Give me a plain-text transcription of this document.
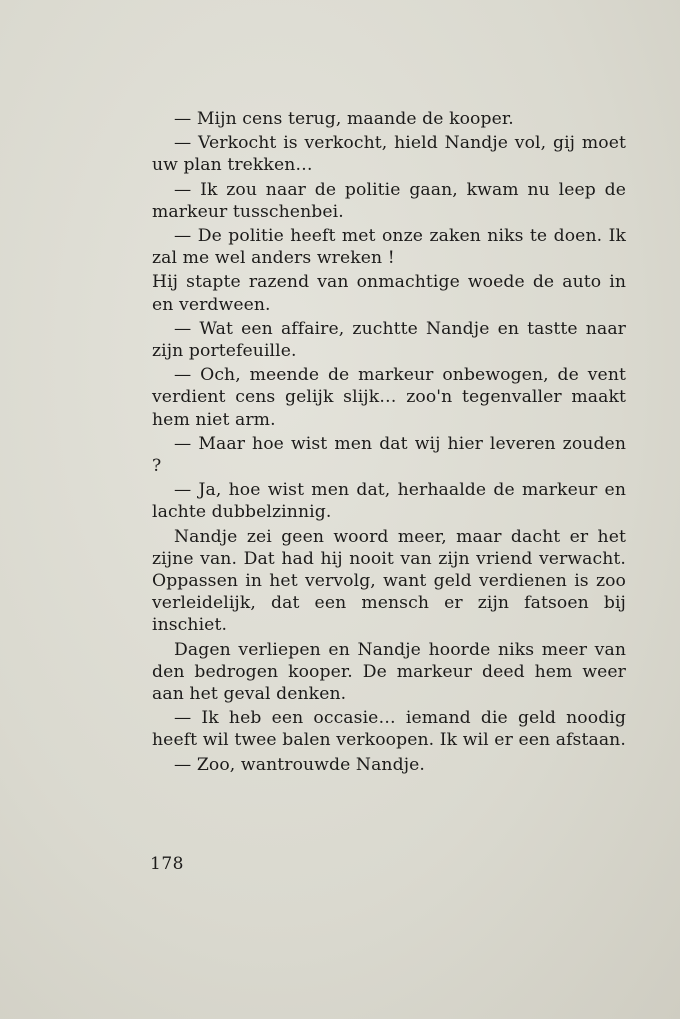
— Mijn cens terug, maande de kooper.

— Verkocht is verkocht, hield Nandje vol, gij moet uw plan trekken…

— Ik zou naar de politie gaan, kwam nu leep de markeur tusschenbei.

— De politie heeft met onze zaken niks te doen. Ik zal me wel anders wreken !

Hij stapte razend van onmachtige woede de auto in en verdween.

— Wat een affaire, zuchtte Nandje en tastte naar zijn portefeuille.

— Och, meende de markeur onbewogen, de vent verdient cens gelijk slijk… zoo'n tegenvaller maakt hem niet arm.

— Maar hoe wist men dat wij hier leveren zouden ?

— Ja, hoe wist men dat, herhaalde de markeur en lachte dubbelzinnig.

Nandje zei geen woord meer, maar dacht er het zijne van. Dat had hij nooit van zijn vriend verwacht. Oppassen in het vervolg, want geld verdienen is zoo verleidelijk, dat een mensch er zijn fatsoen bij inschiet.

Dagen verliepen en Nandje hoorde niks meer van den bedrogen kooper. De markeur deed hem weer aan het geval denken.

— Ik heb een occasie… iemand die geld noodig heeft wil twee balen verkoopen. Ik wil er een afstaan.

— Zoo, wantrouwde Nandje.

178
